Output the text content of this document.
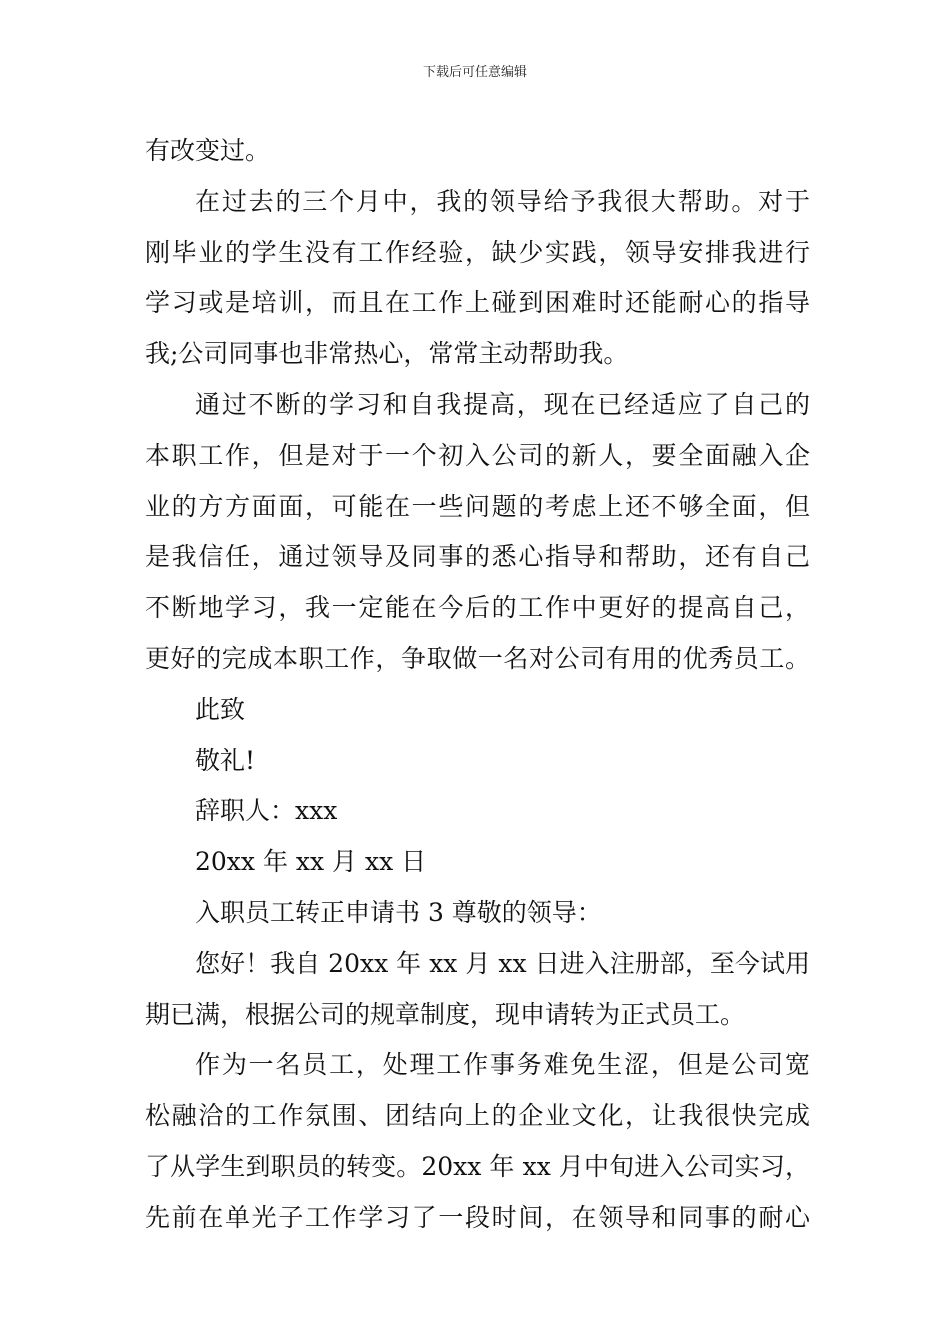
下载后可任意编辑
有改变过。
在过去的三个月中，我的领导给予我很大帮助。对于
刚毕业的学生没有工作经验，缺少实践，领导安排我进行
学习或是培训，而且在工作上碰到困难时还能耐心的指导
我;公司同事也非常热心，常常主动帮助我。
通过不断的学习和自我提高，现在已经适应了自己的
本职工作，但是对于一个初入公司的新人，要全面融入企
业的方方面面，可能在一些问题的考虑上还不够全面，但
是我信任，通过领导及同事的悉心指导和帮助，还有自己
不断地学习，我一定能在今后的工作中更好的提高自己，
更好的完成本职工作，争取做一名对公司有用的优秀员工。
此致
敬礼!
辞职人：xxx
20xx 年 xx 月 xx 日
入职员工转正申请书 3 尊敬的领导：
您好！我自 20xx 年 xx 月 xx 日进入注册部，至今试用
期已满，根据公司的规章制度，现申请转为正式员工。
作为一名员工，处理工作事务难免生涩，但是公司宽
松融洽的工作氛围、团结向上的企业文化，让我很快完成
了从学生到职员的转变。20xx 年 xx 月中旬进入公司实习，
先前在单光子工作学习了一段时间，在领导和同事的耐心
